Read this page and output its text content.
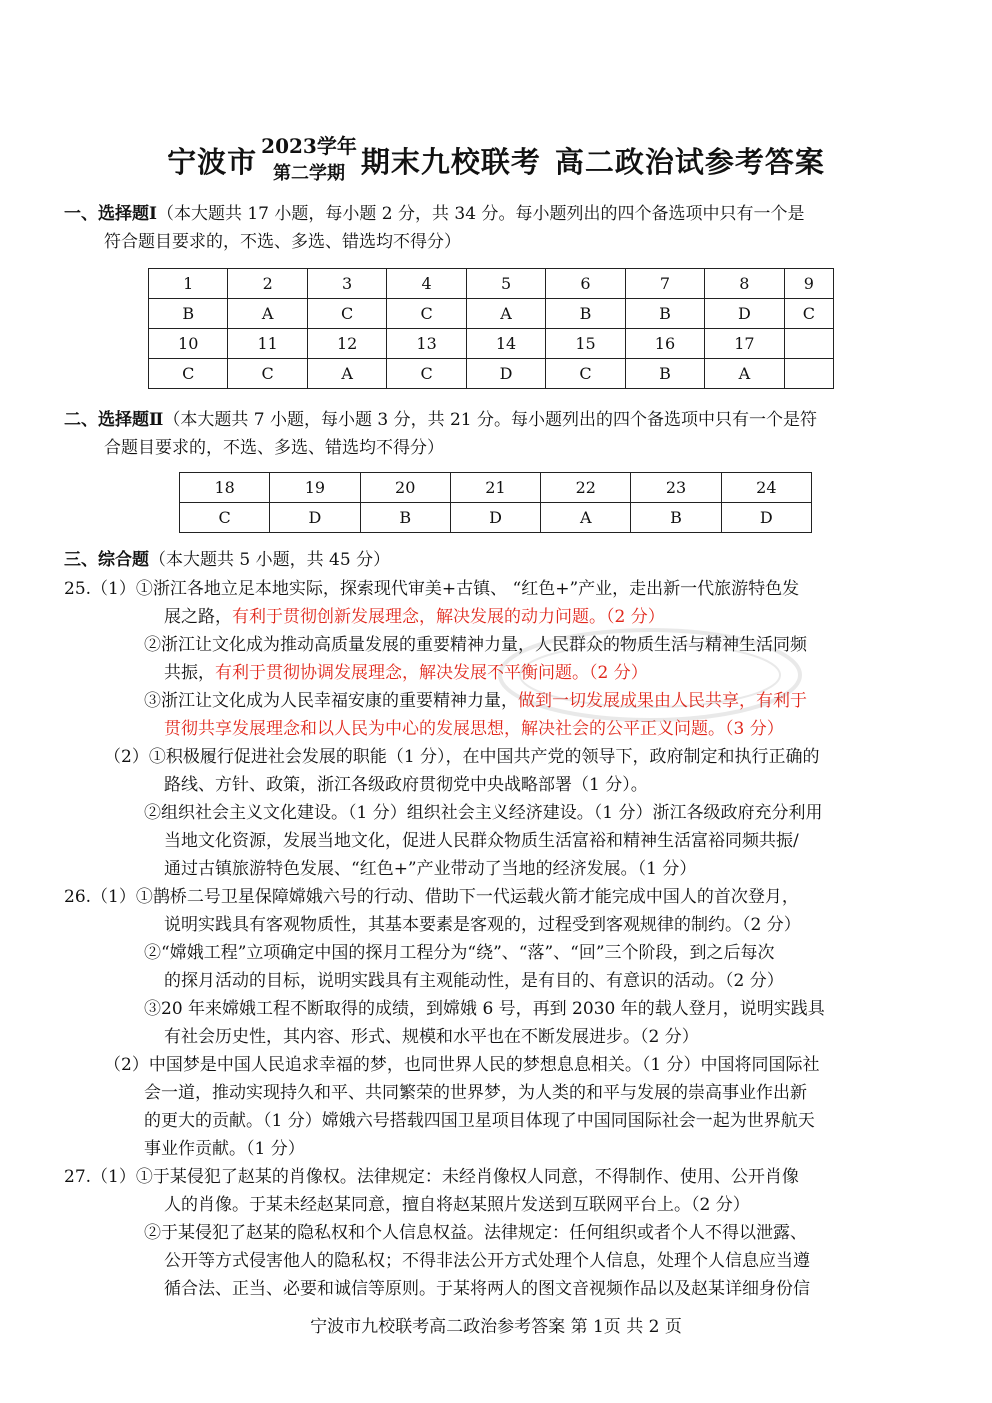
宁波市 2023学年
第二学期 期末九校联考 高二政治试参考答案
一、选择题Ⅰ（本大题共 17 小题，每小题 2 分，共 34 分。每小题列出的四个备选项中只有一个是
符合题目要求的，不选、多选、错选均不得分）
1	2	3	4	5	6	7	8	9
B	A	C	C	A	B	B	D	C
10	11	12	13	14	15	16	17	
C	C	A	C	D	C	B	A	
二、选择题Ⅱ（本大题共 7 小题，每小题 3 分，共 21 分。每小题列出的四个备选项中只有一个是符
合题目要求的，不选、多选、错选均不得分）
18	19	20	21	22	23	24
C	D	B	D	A	B	D
三、综合题（本大题共 5 小题，共 45 分）
25.（1）①浙江各地立足本地实际，探索现代审美+古镇、 “红色+”产业，走出新一代旅游特色发
展之路，有利于贯彻创新发展理念，解决发展的动力问题。（2 分）
②浙江让文化成为推动高质量发展的重要精神力量，人民群众的物质生活与精神生活同频
共振，有利于贯彻协调发展理念，解决发展不平衡问题。（2 分）
③浙江让文化成为人民幸福安康的重要精神力量，做到一切发展成果由人民共享，有利于
贯彻共享发展理念和以人民为中心的发展思想，解决社会的公平正义问题。（3 分）
（2）①积极履行促进社会发展的职能（1 分），在中国共产党的领导下，政府制定和执行正确的
路线、方针、政策，浙江各级政府贯彻党中央战略部署（1 分）。
②组织社会主义文化建设。（1 分）组织社会主义经济建设。（1 分）浙江各级政府充分利用
当地文化资源，发展当地文化，促进人民群众物质生活富裕和精神生活富裕同频共振/
通过古镇旅游特色发展、“红色+”产业带动了当地的经济发展。（1 分）
26.（1）①鹊桥二号卫星保障嫦娥六号的行动、借助下一代运载火箭才能完成中国人的首次登月，
说明实践具有客观物质性，其基本要素是客观的，过程受到客观规律的制约。（2 分）
②“嫦娥工程”立项确定中国的探月工程分为“绕”、“落”、“回”三个阶段，到之后每次
的探月活动的目标，说明实践具有主观能动性，是有目的、有意识的活动。（2 分）
③20 年来嫦娥工程不断取得的成绩，到嫦娥 6 号，再到 2030 年的载人登月，说明实践具
有社会历史性，其内容、形式、规模和水平也在不断发展进步。（2 分）
（2）中国梦是中国人民追求幸福的梦，也同世界人民的梦想息息相关。（1 分）中国将同国际社
会一道，推动实现持久和平、共同繁荣的世界梦，为人类的和平与发展的崇高事业作出新
的更大的贡献。（1 分）嫦娥六号搭载四国卫星项目体现了中国同国际社会一起为世界航天
事业作贡献。（1 分）
27.（1）①于某侵犯了赵某的肖像权。法律规定：未经肖像权人同意，不得制作、使用、公开肖像
人的肖像。于某未经赵某同意，擅自将赵某照片发送到互联网平台上。（2 分）
②于某侵犯了赵某的隐私权和个人信息权益。法律规定：任何组织或者个人不得以泄露、
公开等方式侵害他人的隐私权；不得非法公开方式处理个人信息，处理个人信息应当遵
循合法、正当、必要和诚信等原则。于某将两人的图文音视频作品以及赵某详细身份信
宁波市九校联考高二政治参考答案 第 1页 共 2 页
